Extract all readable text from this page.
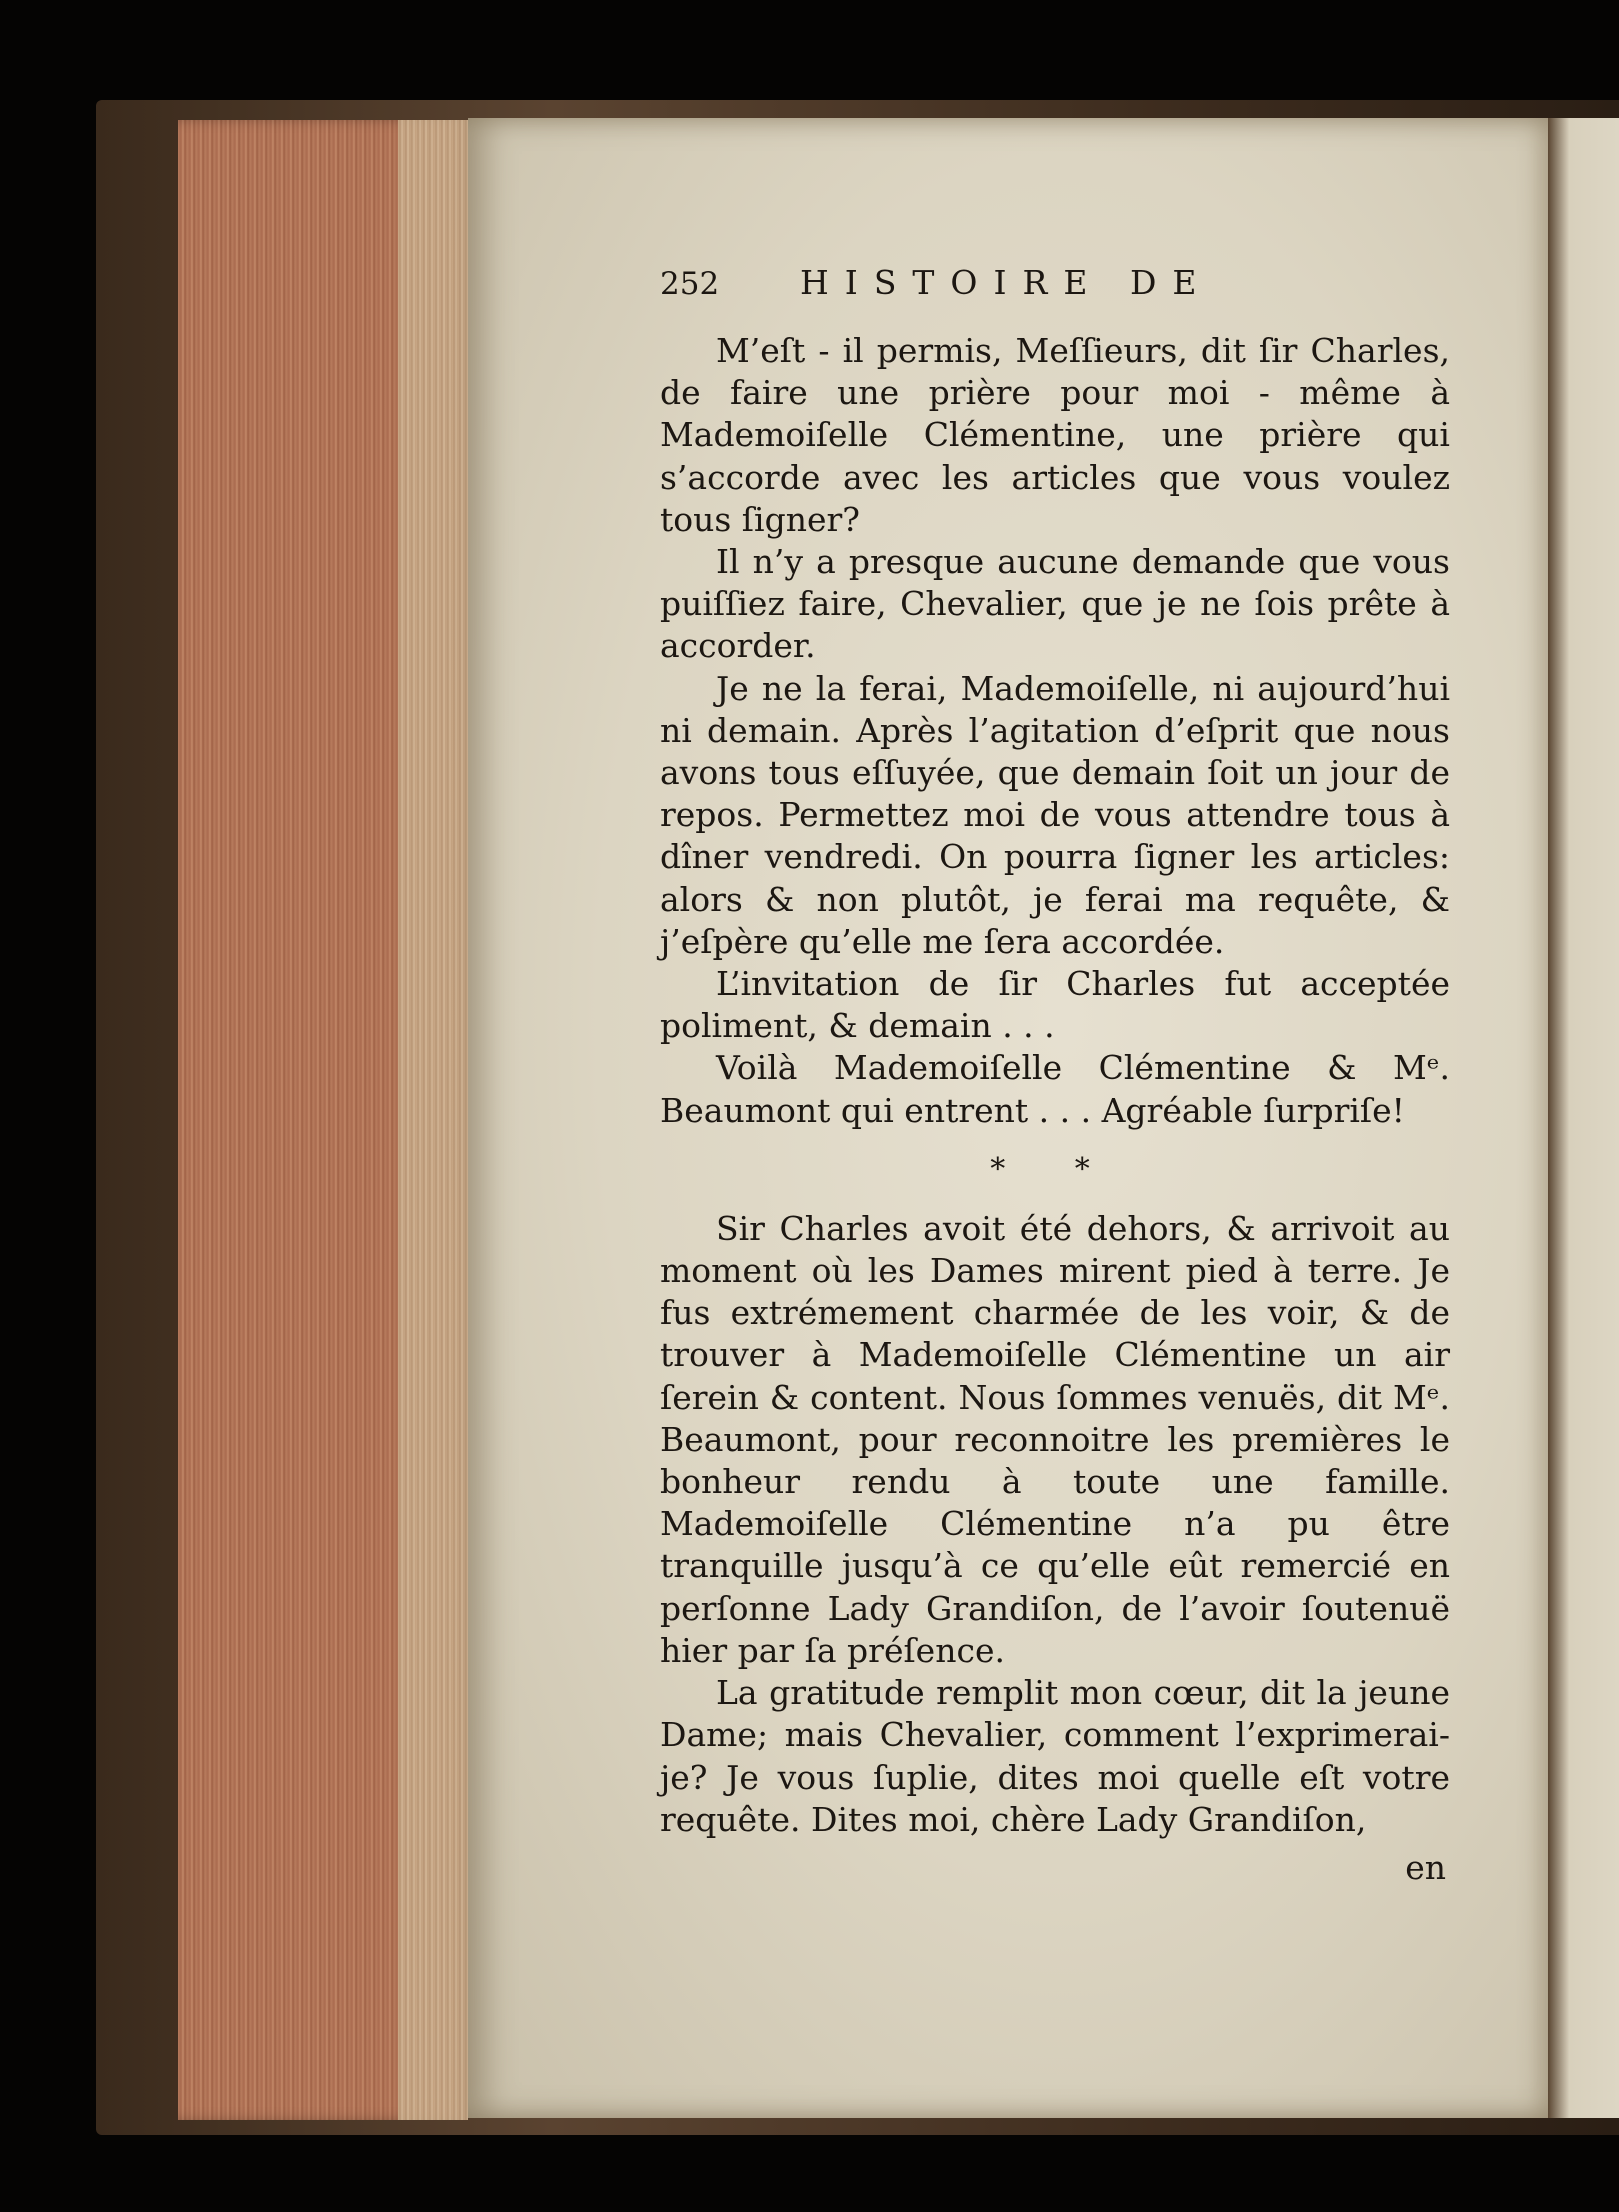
252	HISTOIRE DE

M’eſt - il permis, Meſſieurs, dit ſir Charles, de faire une prière pour moi - même à Mademoiſelle Clémentine, une prière qui s’accorde avec les articles que vous voulez tous ſigner?

Il n’y a presque aucune demande que vous puiſſiez faire, Chevalier, que je ne ſois prête à accorder.

Je ne la ferai, Mademoiſelle, ni aujourd’hui ni demain. Après l’agitation d’eſprit que nous avons tous eſſuyée, que demain ſoit un jour de repos. Permettez moi de vous attendre tous à dîner vendredi. On pourra ſigner les articles: alors & non plutôt, je ferai ma requête, & j’eſpère qu’elle me ſera accordée.

L’invitation de ſir Charles fut acceptée poliment, & demain . . .

Voilà Mademoiſelle Clémentine & Mᵉ. Beaumont qui entrent . . . Agréable ſurpriſe!

* *

Sir Charles avoit été dehors, & arrivoit au moment où les Dames mirent pied à terre. Je fus extrémement charmée de les voir, & de trouver à Mademoiſelle Clémentine un air ſerein & content. Nous ſommes venuës, dit Mᵉ. Beaumont, pour reconnoitre les premières le bonheur rendu à toute une famille. Mademoiſelle Clémentine n’a pu être tranquille jusqu’à ce qu’elle eût remercié en perſonne Lady Grandiſon, de l’avoir ſoutenuë hier par ſa préſence.

La gratitude remplit mon cœur, dit la jeune Dame; mais Chevalier, comment l’exprimerai-je? Je vous ſuplie, dites moi quelle eſt votre requête. Dites moi, chère Lady Grandiſon,

en
